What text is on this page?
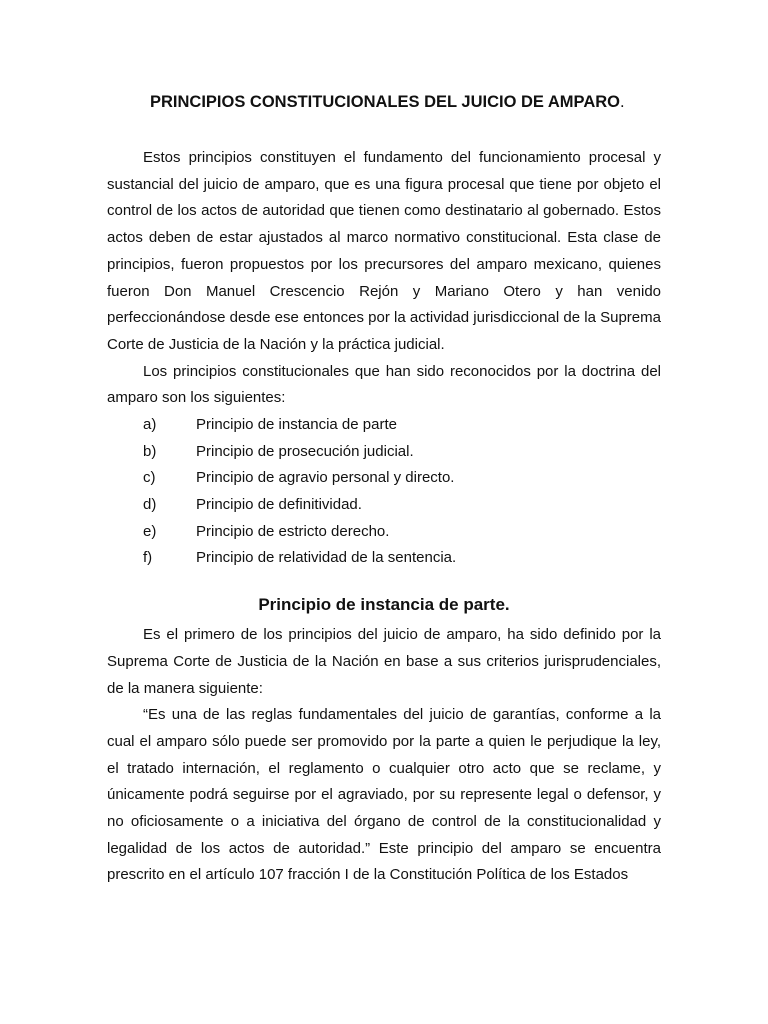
PRINCIPIOS CONSTITUCIONALES DEL JUICIO DE AMPARO.

Estos principios constituyen el fundamento del funcionamiento procesal y sustancial del juicio de amparo, que es una figura procesal que tiene por objeto el control de los actos de autoridad que tienen como destinatario al gobernado. Estos actos deben de estar ajustados al marco normativo constitucional. Esta clase de principios, fueron propuestos por los precursores del amparo mexicano, quienes fueron Don Manuel Crescencio Rejón y Mariano Otero y han venido perfeccionándose desde ese entonces por la actividad jurisdiccional de la Suprema Corte de Justicia de la Nación y la práctica judicial.

Los principios constitucionales que han sido reconocidos por la doctrina del amparo son los siguientes:

a)	Principio de instancia de parte
b)	Principio de prosecución judicial.
c)	Principio de agravio personal y directo.
d)	Principio de definitividad.
e)	Principio de estricto derecho.
f)	Principio de relatividad de la sentencia.
Principio de instancia de parte.

Es el primero de los principios del juicio de amparo, ha sido definido por la Suprema Corte de Justicia de la Nación en base a sus criterios jurisprudenciales, de la manera siguiente:

“Es una de las reglas fundamentales del juicio de garantías, conforme a la cual el amparo sólo puede ser promovido por la parte a quien le perjudique la ley, el tratado internación, el reglamento o cualquier otro acto que se reclame, y únicamente podrá seguirse por el agraviado, por su represente legal o defensor, y no oficiosamente o a iniciativa del órgano de control de la constitucionalidad y legalidad de los actos de autoridad.” Este principio del amparo se encuentra prescrito en el artículo 107 fracción I de la Constitución Política de los Estados
